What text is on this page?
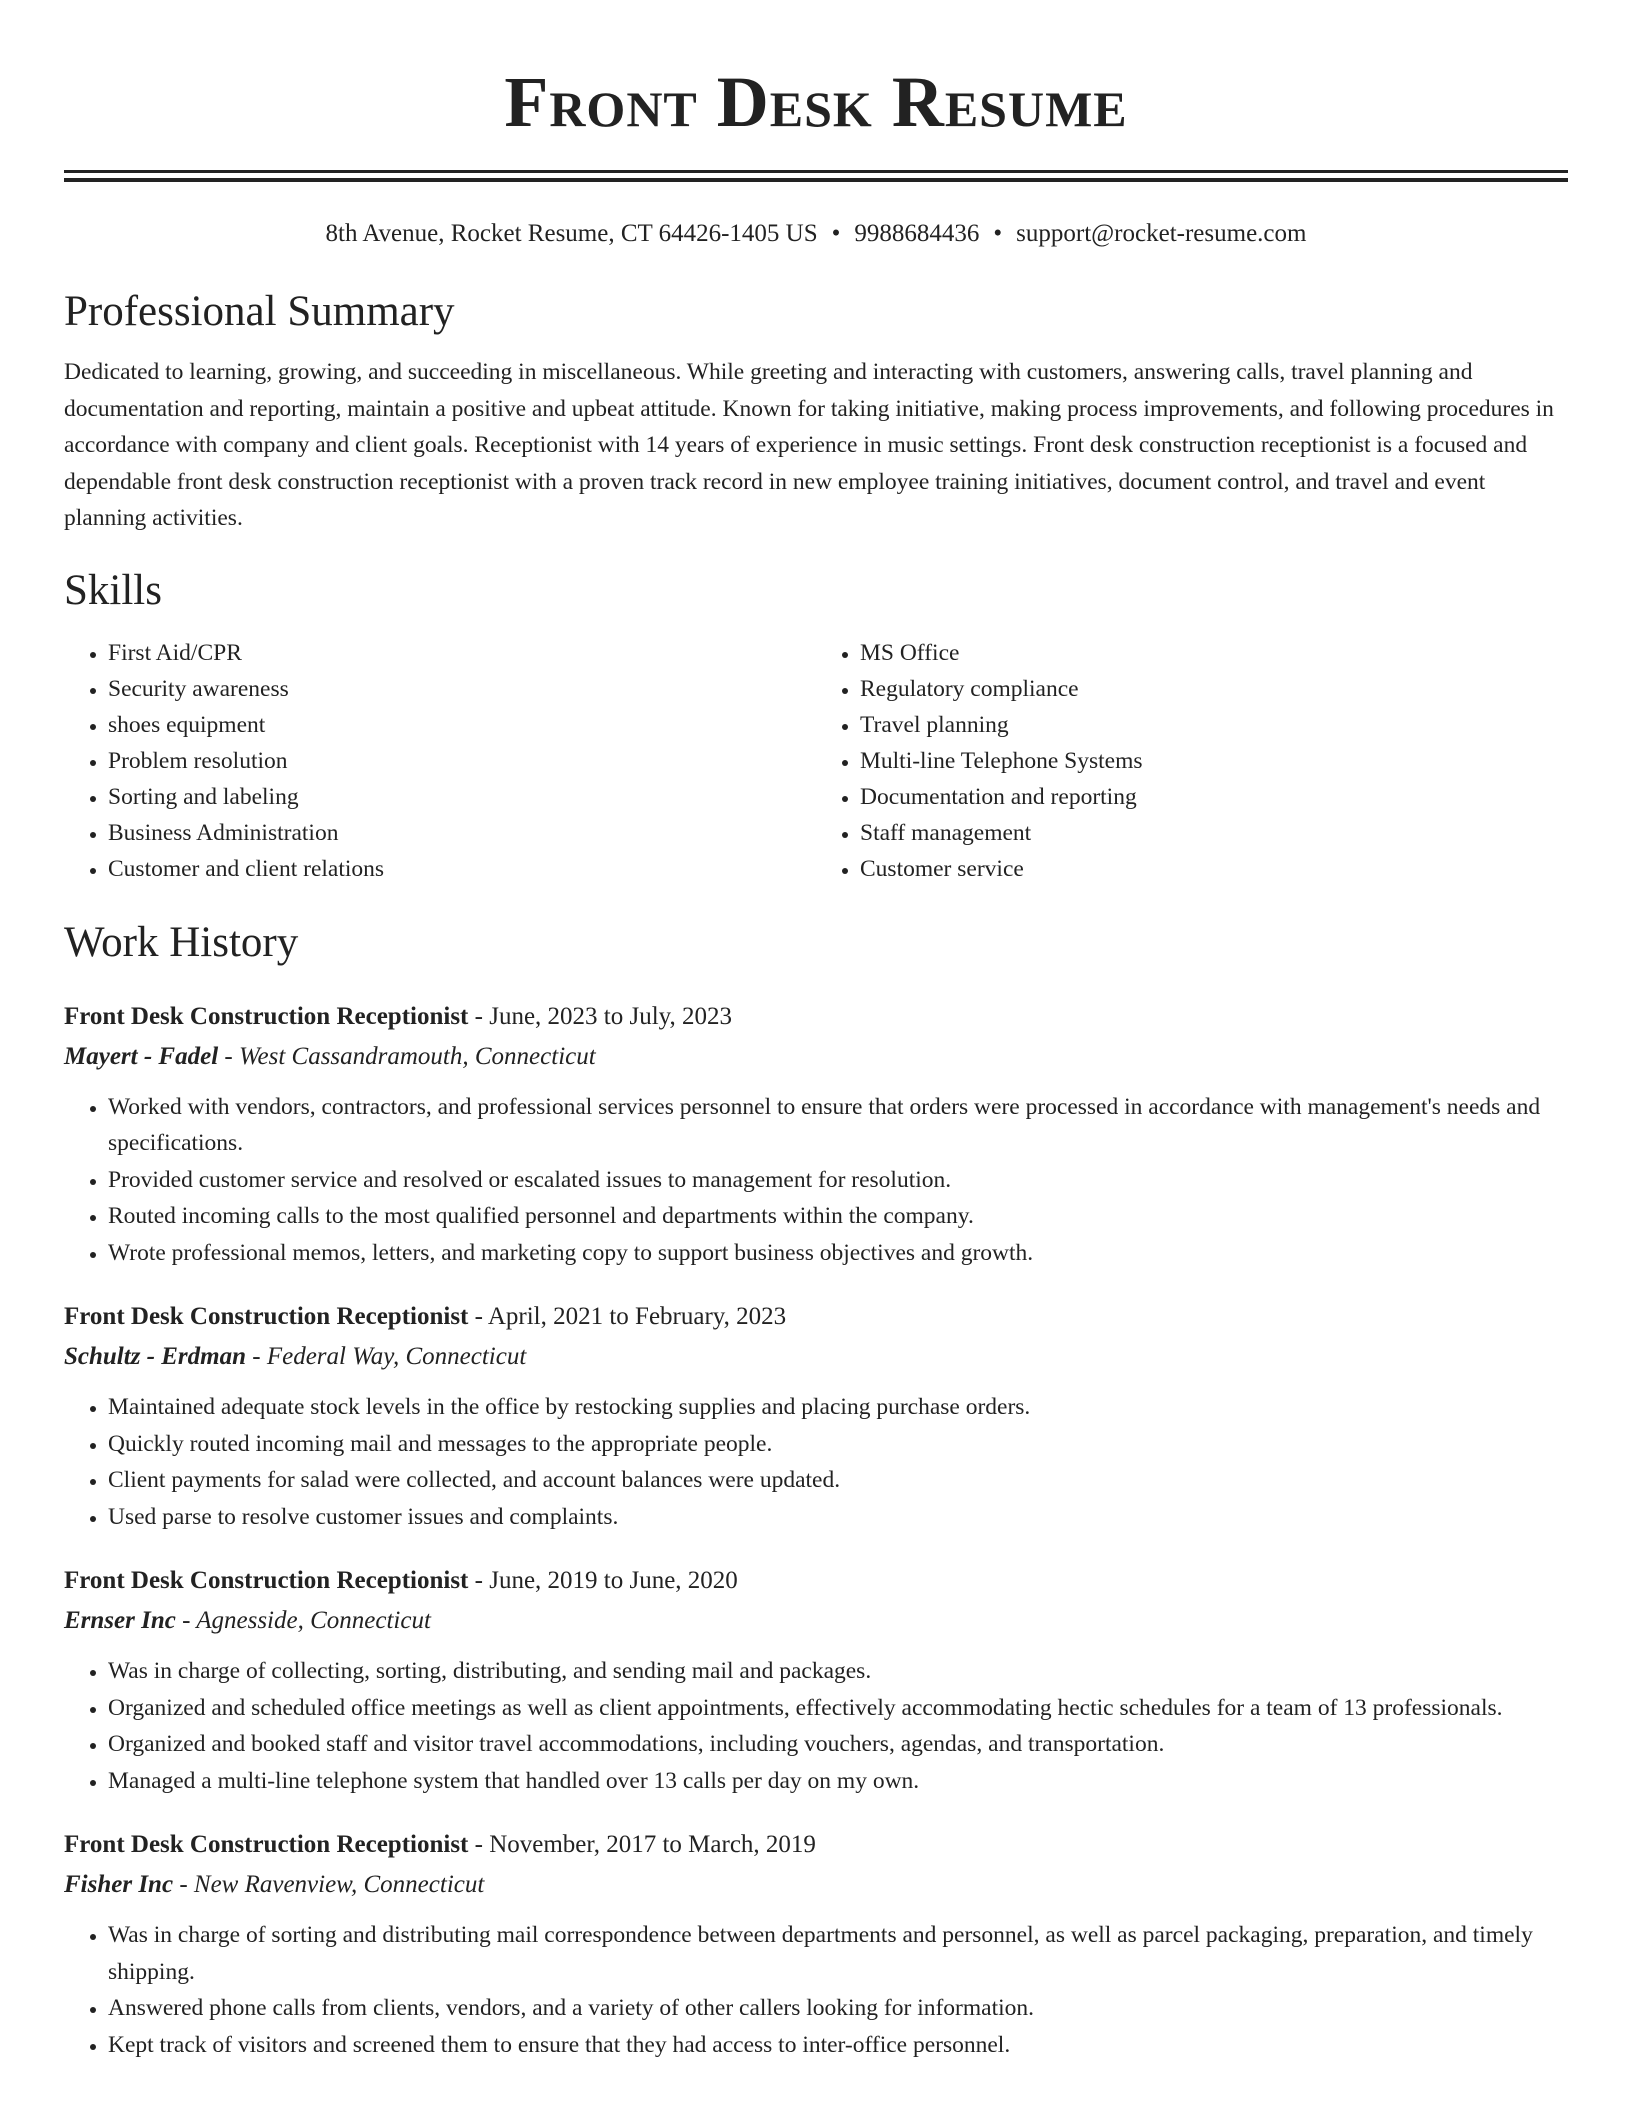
Front Desk Resume
8th Avenue, Rocket Resume, CT 64426-1405 US • 9988684436 • support@rocket-resume.com
Professional Summary

Dedicated to learning, growing, and succeeding in miscellaneous. While greeting and interacting with customers, answering calls, travel planning and documentation and reporting, maintain a positive and upbeat attitude. Known for taking initiative, making process improvements, and following procedures in accordance with company and client goals. Receptionist with 14 years of experience in music settings. Front desk construction receptionist is a focused and dependable front desk construction receptionist with a proven track record in new employee training initiatives, document control, and travel and event planning activities.

Skills
• First Aid/CPR
• Security awareness
• shoes equipment
• Problem resolution
• Sorting and labeling
• Business Administration
• Customer and client relations
• MS Office
• Regulatory compliance
• Travel planning
• Multi-line Telephone Systems
• Documentation and reporting
• Staff management
• Customer service
Work History
Front Desk Construction Receptionist - June, 2023 to July, 2023
Mayert - Fadel - West Cassandramouth, Connecticut
• Worked with vendors, contractors, and professional services personnel to ensure that orders were processed in accordance with management's needs and specifications.
• Provided customer service and resolved or escalated issues to management for resolution.
• Routed incoming calls to the most qualified personnel and departments within the company.
• Wrote professional memos, letters, and marketing copy to support business objectives and growth.
Front Desk Construction Receptionist - April, 2021 to February, 2023
Schultz - Erdman - Federal Way, Connecticut
• Maintained adequate stock levels in the office by restocking supplies and placing purchase orders.
• Quickly routed incoming mail and messages to the appropriate people.
• Client payments for salad were collected, and account balances were updated.
• Used parse to resolve customer issues and complaints.
Front Desk Construction Receptionist - June, 2019 to June, 2020
Ernser Inc - Agnesside, Connecticut
• Was in charge of collecting, sorting, distributing, and sending mail and packages.
• Organized and scheduled office meetings as well as client appointments, effectively accommodating hectic schedules for a team of 13 professionals.
• Organized and booked staff and visitor travel accommodations, including vouchers, agendas, and transportation.
• Managed a multi-line telephone system that handled over 13 calls per day on my own.
Front Desk Construction Receptionist - November, 2017 to March, 2019
Fisher Inc - New Ravenview, Connecticut
• Was in charge of sorting and distributing mail correspondence between departments and personnel, as well as parcel packaging, preparation, and timely shipping.
• Answered phone calls from clients, vendors, and a variety of other callers looking for information.
• Kept track of visitors and screened them to ensure that they had access to inter-office personnel.
